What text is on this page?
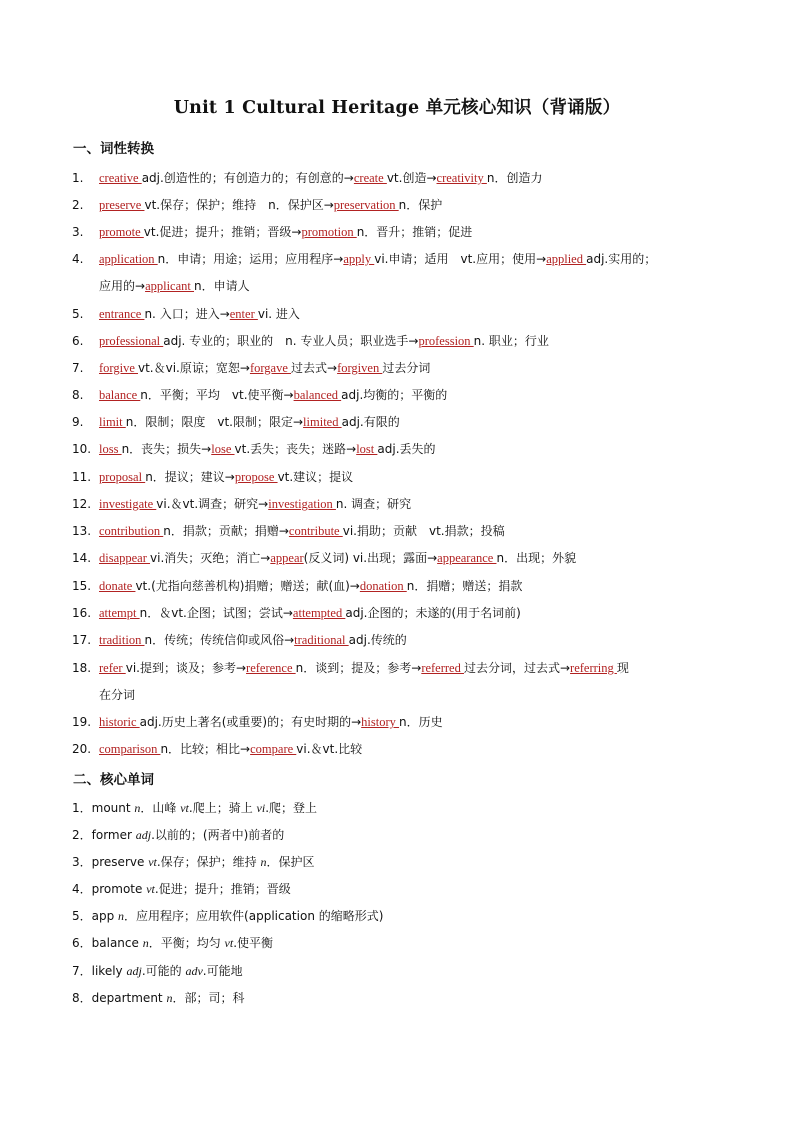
Unit 1 Cultural Heritage 单元核心知识（背诵版）
一、词性转换
1. creative adj.创造性的；有创造力的；有创意的→create vt.创造→creativity n．创造力
2. preserve vt.保存；保护；维持　n．保护区→preservation n．保护
3. promote vt.促进；提升；推销；晋级→promotion n．晋升；推销；促进
4. application n．申请；用途；运用；应用程序→apply vi.申请；适用　vt.应用；使用→applied adj.实用的；
应用的→applicant n．申请人
5. entrance n. 入口；进入→enter vi. 进入
6. professional adj. 专业的；职业的　n. 专业人员；职业选手→profession n. 职业；行业
7. forgive vt.＆vi.原谅；宽恕→forgave 过去式→forgiven 过去分词
8. balance n．平衡；平均　vt.使平衡→balanced adj.均衡的；平衡的
9. limit n．限制；限度　vt.限制；限定→limited adj.有限的
10. loss n．丧失；损失→lose vt.丢失；丧失；迷路→lost adj.丢失的
11. proposal n．提议；建议→propose vt.建议；提议
12. investigate vi.＆vt.调查；研究→investigation n. 调查；研究
13. contribution n．捐款；贡献；捐赠→contribute vi.捐助；贡献　vt.捐款；投稿
14. disappear vi.消失；灭绝；消亡→appear(反义词) vi.出现；露面→appearance n．出现；外貌
15. donate vt.(尤指向慈善机构)捐赠；赠送；献(血)→donation n．捐赠；赠送；捐款
16. attempt n．＆vt.企图；试图；尝试→attempted adj.企图的；未遂的(用于名词前)
17. tradition n．传统；传统信仰或风俗→traditional adj.传统的
18. refer vi.提到；谈及；参考→reference n．谈到；提及；参考→referred 过去分词，过去式→referring 现
在分词
19. historic adj.历史上著名(或重要)的；有史时期的→history n．历史
20. comparison n．比较；相比→compare vi.＆vt.比较
二、核心单词
1．mount n．山峰 vt.爬上；骑上 vi.爬；登上
2．former adj.以前的；(两者中)前者的
3．preserve vt.保存；保护；维持 n．保护区
4．promote vt.促进；提升；推销；晋级
5．app n．应用程序；应用软件(application 的缩略形式)
6．balance n．平衡；均匀 vt.使平衡
7．likely adj.可能的 adv.可能地
8．department n．部；司；科
